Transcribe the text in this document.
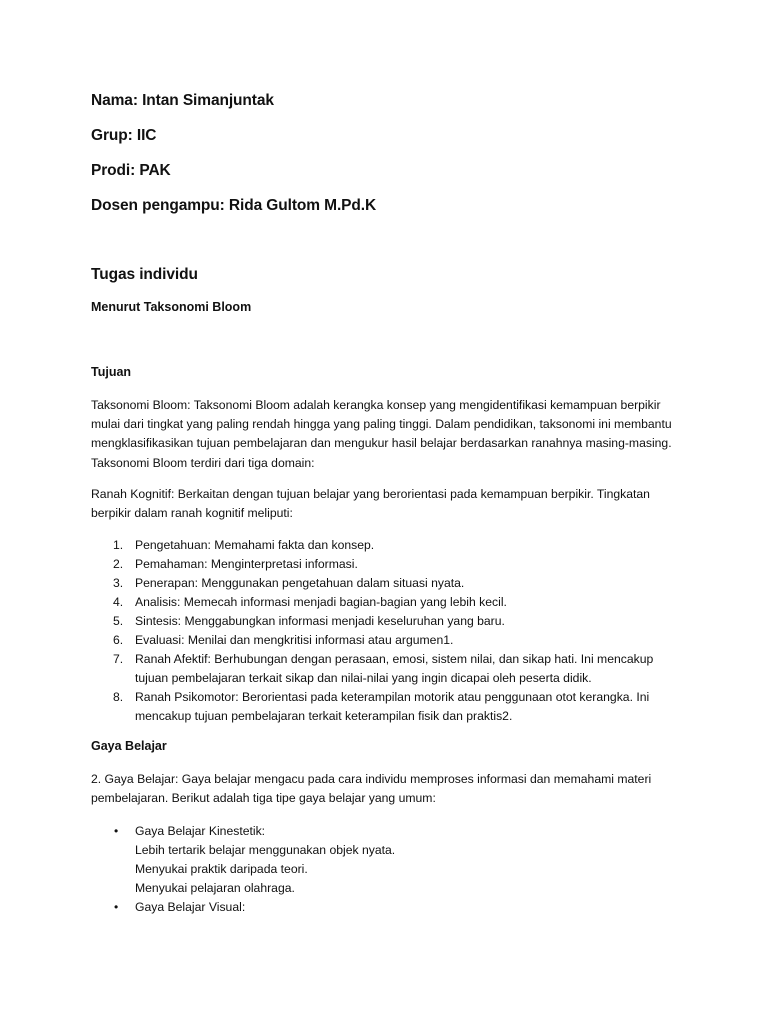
Nama: Intan Simanjuntak
Grup: IIC
Prodi: PAK
Dosen pengampu: Rida Gultom M.Pd.K
Tugas individu
Menurut Taksonomi Bloom
Tujuan
Taksonomi Bloom: Taksonomi Bloom adalah kerangka konsep yang mengidentifikasi kemampuan berpikir
mulai dari tingkat yang paling rendah hingga yang paling tinggi. Dalam pendidikan, taksonomi ini membantu
mengklasifikasikan tujuan pembelajaran dan mengukur hasil belajar berdasarkan ranahnya masing-masing.
Taksonomi Bloom terdiri dari tiga domain:
Ranah Kognitif: Berkaitan dengan tujuan belajar yang berorientasi pada kemampuan berpikir. Tingkatan
berpikir dalam ranah kognitif meliputi:
1. Pengetahuan: Memahami fakta dan konsep.
2. Pemahaman: Menginterpretasi informasi.
3. Penerapan: Menggunakan pengetahuan dalam situasi nyata.
4. Analisis: Memecah informasi menjadi bagian-bagian yang lebih kecil.
5. Sintesis: Menggabungkan informasi menjadi keseluruhan yang baru.
6. Evaluasi: Menilai dan mengkritisi informasi atau argumen1.
7. Ranah Afektif: Berhubungan dengan perasaan, emosi, sistem nilai, dan sikap hati. Ini mencakup
tujuan pembelajaran terkait sikap dan nilai-nilai yang ingin dicapai oleh peserta didik.
8. Ranah Psikomotor: Berorientasi pada keterampilan motorik atau penggunaan otot kerangka. Ini
mencakup tujuan pembelajaran terkait keterampilan fisik dan praktis2.
Gaya Belajar
2. Gaya Belajar: Gaya belajar mengacu pada cara individu memproses informasi dan memahami materi
pembelajaran. Berikut adalah tiga tipe gaya belajar yang umum:
• Gaya Belajar Kinestetik:
Lebih tertarik belajar menggunakan objek nyata.
Menyukai praktik daripada teori.
Menyukai pelajaran olahraga.
• Gaya Belajar Visual:
